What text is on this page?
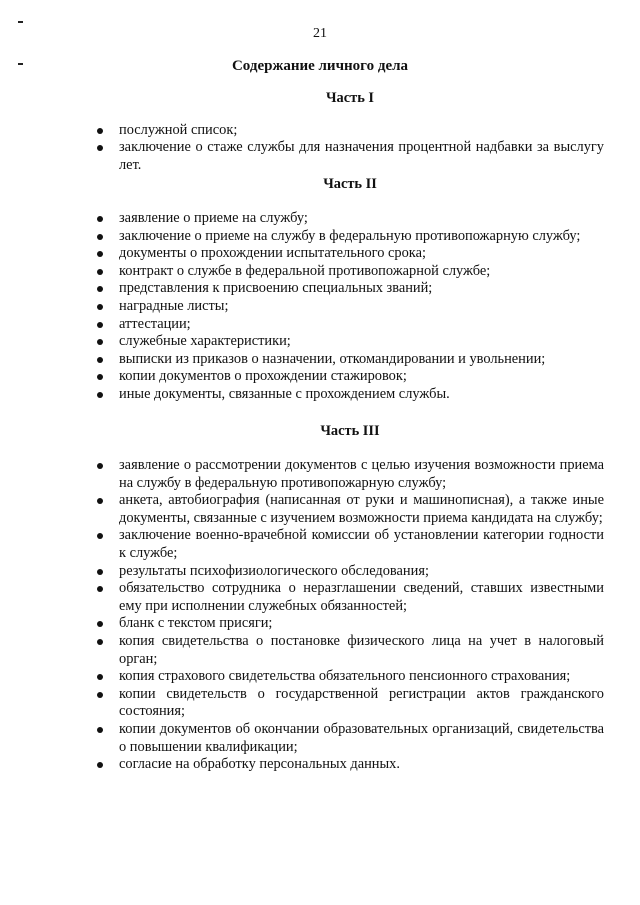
21
Содержание личного дела
Часть I
послужной список;
заключение о стаже службы для назначения процентной надбавки за выслугу лет.
Часть II
заявление о приеме на службу;
заключение о приеме на службу в федеральную противопожарную службу;
документы о прохождении испытательного срока;
контракт о службе в федеральной противопожарной службе;
представления к присвоению специальных званий;
наградные листы;
аттестации;
служебные характеристики;
выписки из приказов о назначении, откомандировании и увольнении;
копии документов о прохождении стажировок;
иные документы, связанные с прохождением службы.
Часть III
заявление о рассмотрении документов с целью изучения возможности приема на службу в федеральную противопожарную службу;
анкета, автобиография (написанная от руки и машинописная), а также иные документы, связанные с изучением возможности приема кандидата на службу;
заключение военно-врачебной комиссии об установлении категории годности к службе;
результаты психофизиологического обследования;
обязательство сотрудника о неразглашении сведений, ставших известными ему при исполнении служебных обязанностей;
бланк с текстом присяги;
копия свидетельства о постановке физического лица на учет в налоговый орган;
копия страхового свидетельства обязательного пенсионного страхования;
копии свидетельств о государственной регистрации актов гражданского состояния;
копии документов об окончании образовательных организаций, свидетельства о повышении квалификации;
согласие на обработку персональных данных.
